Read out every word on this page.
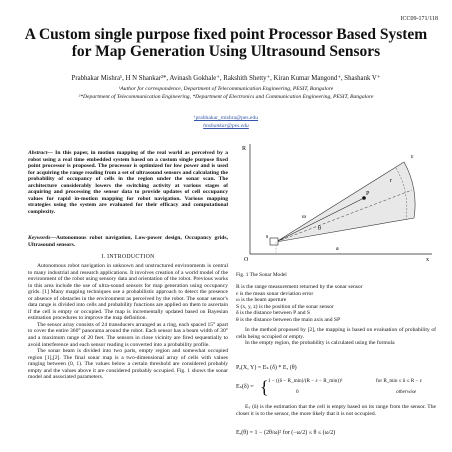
ICC09-171/118
A Custom single purpose fixed point Processor Based System for Map Generation Using Ultrasound Sensors
Prabhakar Mishra¹, H N Shankar²*, Avinash Gokhale⁺, Rakshith Shetty⁺, Kiran Kumar Mangond⁺, Shashank V⁺
¹Author for correspondence, Department of Telecommunication Engineering, PESIT, Bangalore
²*Department of Telecommunication Engineering, *Department of Electronics and Communication Engineering, PESIT, Bangalore
¹prabhakar_mishra@pes.edu
hnshankar@pes.edu
Abstract— In this paper, in motion mapping of the real world as perceived by a robot using a real time embedded system based on a custom single purpose fixed point processor is proposed. The processor is optimized for low power and is used for acquiring the range reading from a set of ultrasound sensors and calculating the probability of occupancy of cells in the region under the sonar scan. The architecture considerably lowers the switching activity at various stages of acquiring and processing the sensor data to provide updates of cell occupancy values for rapid in-motion mapping for robot navigation. Various mapping strategies using the system are evaluated for their efficacy and computational complexity.
Keywords—Autonomous robot navigation, Low-power design, Occupancy grids, Ultrasound sensors.
I. INTRODUCTION

Autonomous robot navigation in unknown and unstructured environments is central to many industrial and research applications. It involves creation of a world model of the environment of the robot using sensory data and orientation of the robot. Previous works in this area include the use of ultra-sound sensors for map generation using occupancy grids. [1] Many mapping techniques use a probabilistic approach to detect the presence or absence of obstacles in the environment as perceived by the robot. The sonar sensor's data range is divided into cells and probability functions are applied on them to ascertain if the cell is empty or occupied. The map is incrementally updated based on Bayesian estimation procedures to improve the map definition.

The sensor array consists of 24 transducers arranged as a ring, each spaced 15° apart to cover the entire 360° panorama around the robot. Each sensor has a beam width of 30° and a maximum range of 20 feet. The sensors in close vicinity are fired sequentially to avoid interference and each sensor reading is converted into a probability profile.

The sonar beam is divided into two parts, empty region and somewhat occupied region [1],[2]. The final sonar map is a two-dimensional array of cells with values ranging between (0, 1). The values below a certain threshold are considered probably empty and the values above it are considered probably occupied. Fig. 1 shows the sonar model and associated parameters.

R
ε
s
ω
r
θ
P
a
x
O
Fig. 1 The Sonar Model

R is the range measurement returned by the sonar sensor

ε is the mean sonar deviation error

ω is the beam aperture

S (x, y, z) is the position of the sonar sensor

δ is the distance between P and S

θ is the distance between the main axis and SP

In the method proposed by [2], the mapping is based on evaluation of probability of cells being occupied or empty.

In the empty region, the probability is calculated using the formula

Pₑ(X, Y) = Eₛ (δ) * Eₐ (θ)
Eₛ(δ) = { 1 − ((δ − R_min)/(R − ε − R_min))²	for R_min ≤ δ ≤ R − ε
0	otherwise

Eₛ (δ) is the estimation that the cell is empty based on its range from the sensor. The closer it is to the sensor, the more likely that it is not occupied.

Eₐ(θ) = 1 − (2θ/ω)² for (−ω/2) ≤ θ ≤ (ω/2)
